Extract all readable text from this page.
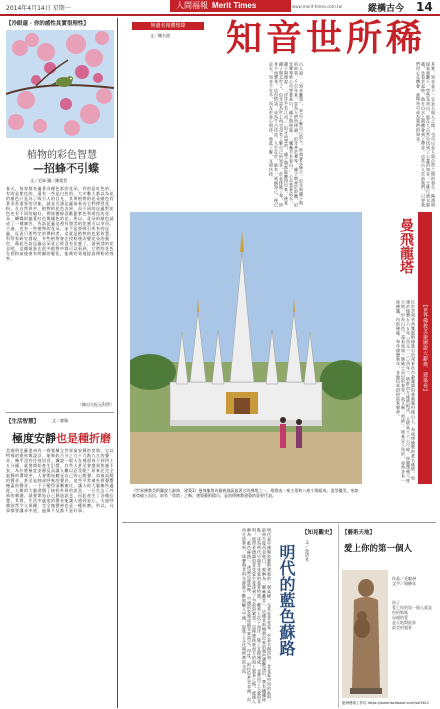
2014年4月14日 星期一	人間福報 Merit Times	www.merit-times.com.tw	縱橫古今 14
【冷眼還 · 你的感性其實很理性】
植物的彩色智慧
—招蜂不引蝶
文／毛軍 圖／陳俊哲
春天，每每都充滿著各種色彩的花朵，有的是紅色的，有的是紫色的，還有一些是白色的。大多數人都以為花的顏色只是為了吸引人的目光，其實植物的花朵顏色有著非常重要的功能，就是引誘昆蟲前來為它們傳授花粉。在自然界中，植物的花色各異，而不同的昆蟲對花色也有不同的偏好，例如蜜蜂喜歡藍紫色和黃色的花朵，蝴蝶則偏愛紅色與橘色的花。所以，花朵的顏色就成了一種廣告，告訴昆蟲這裡有甜美的花蜜可以享用。不過，也有一些植物的花朵，並不是要吸引所有的昆蟲，反而只要特定的傳粉者，這就是植物的色彩智慧。科學家研究發現，有些植物會在授粉後改變花朵的顏色，藉此告訴昆蟲這朵花已經沒有花蜜了，請到別的花去吧。這種現象在很多植物中都可以看到，它們的花色在授粉前後會有明顯的變化，能夠有效地提高傳粉的效率。
（摘自大紀元科學）
【生活智慧】	文／廖瑞
極度安靜也是種折磨
美國明尼蘇達州有一間號稱全世界最安靜的房間，它以特殊的建材與設計，能吸收百分之九十九點九九的聲音，幾乎沒有任何回音。據說一般人在裡面待不到四十五分鐘，就會開始產生幻覺，有些人甚至會感到焦慮不安。為什麼極度安靜反而讓人難以忍受呢？原來在完全寂靜的環境中，人會開始聽見自己的心跳聲、血液流動的聲音，甚至是肺部呼吸的聲音，這些平常被外界聲響掩蓋的聲音，一下子變得清晰無比，讓人的大腦無所適從。人類的大腦習慣了接收外界的訊息，一旦失去了外界的刺激，就會開始自己創造訊息，因此產生了各種幻覺。其實，生活中適度的聲音能讓人感到安心，太過吵雜固然令人煩躁，完全無聲卻也是一種折磨。所以，凡事都要講求中道，過與不及都不是好事。
無邊名箱體想錄
文／陳名遊 知音世所稀
古人說：「知音難覓」，真正了解自己的人，世間實在稀少。伯牙與鍾子期的故事，千百年來一直為人們所傳誦。伯牙善於彈琴，鍾子期善於聆聽，伯牙彈琴時心中想著高山，鍾子期便說：「巍巍乎若泰山。」心中想著流水，鍾子期便說：「洋洋乎若江河。」伯牙所想的，鍾子期都能聽得出來。後來鍾子期去世了，伯牙認為世上再也沒有了解自己的知音，於是摔破了琴，終身不再彈琴。這份情誼，成為千古佳話。人生在世，能有一兩個知己，便已足矣。知音不在多，而在於真心相待，彼此了解，互相扶持。	其實，知音並不一定是人與人之間，也可以是人與自然之間的契合。陶淵明採菊東籬下，悠然見南山，他在大自然中找到了心靈的知音；王維行到水窮處，坐看雲起時，他在山水之間體會到了禪意。這些古人告訴我們，只要我們用心去體會，萬物皆可成為我們的知音。
《世界佛教美術圖說大辭典．建築1》曼飛龍塔為傣族地區最著名的佛塔之一，塔群由一座主塔和八座小塔組成，造型優美，宛如春筍破土而出，故有「筍塔」之稱。建築藝術精巧，是南傳佛教建築的重要代表。
【世界佛教美術圖說大辭典．建築卷】
曼飛龍塔
位於雲南省西雙版納傣族自治州景洪市勐龍鎮的曼飛龍村後山上，為南傳佛教的著名佛塔。始建於傣曆五六五年（西元一二〇四年），塔群由九座塔組成，主塔高十六公尺餘，周圍環繞八座小塔，均為白色，遠看宛如一簇破土而出的春筍，故又稱「筍塔」。塔基呈八角形，每角各有一座佛龕，內供佛像。每年傣曆新年，各地信眾紛紛前來朝拜。
明代是中國陶瓷藝術發展的一個高峰，尤其是青花瓷，更是名揚四海。青花瓷所用的鈷料，最初多從西亞進口，被稱為「蘇麻離青」，這種青料燒製出來的顏色濃艷深沉，帶有鐵鏽斑點，成為明代早期青花瓷的重要特徵。鄭和七次下西洋，除了宣揚國威，也帶回了大量的青料，使得景德鎮的青花瓷生產達到了空前的繁榮。這條連接東西方的海上貿易之路，被後人稱為「藍色絲路」。透過這條航線，中國的瓷器遠銷至東南亞、印度、阿拉伯甚至非洲，而西方的香料、珠寶與青料也源源不斷地輸入中國，促進了文化與經濟的交流。	明代的藍色蘇路
【知見觀史】
文／余清兆
【藝術天地】
愛上你的第一個人
作品／毛毅州
文字／周修年
孩子
愛上你的第一個人就是
你的媽媽
母親的愛
是天地間最真
最美的風景
藍海藝術工作坊 https://www.facebook.com/sel3611
